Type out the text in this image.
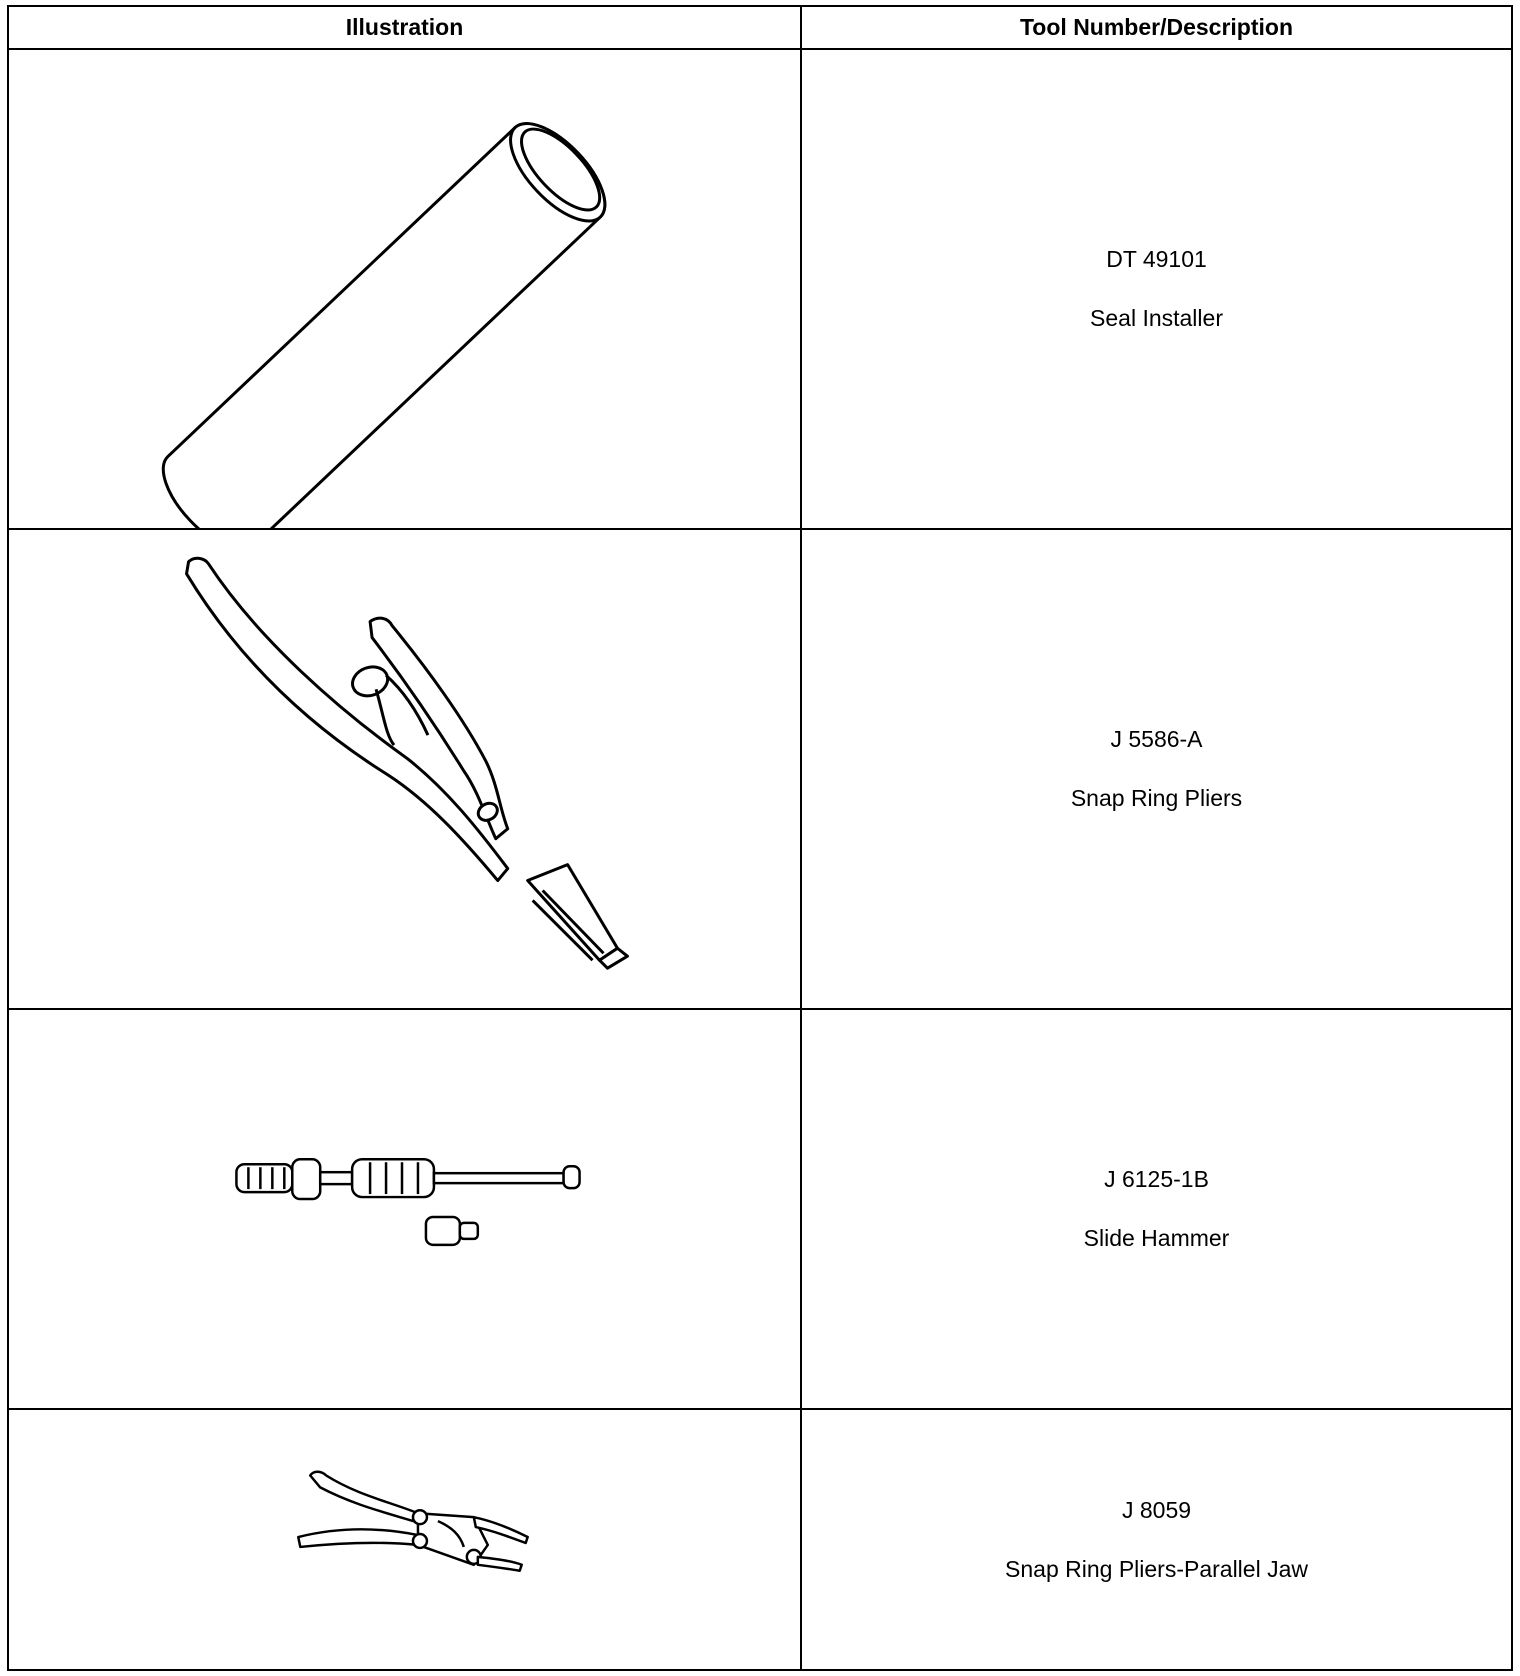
Illustration	Tool Number/Description

DT 49101
Seal Installer

J 5586-A
Snap Ring Pliers

J 6125-1B
Slide Hammer

J 8059
Snap Ring Pliers-Parallel Jaw
